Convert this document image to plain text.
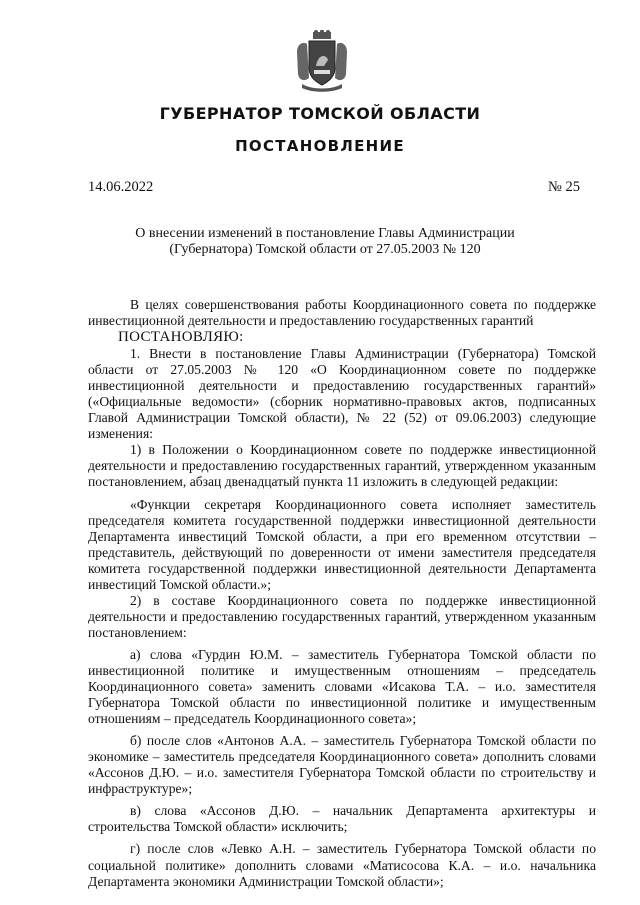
ГУБЕРНАТОР ТОМСКОЙ ОБЛАСТИ
ПОСТАНОВЛЕНИЕ
14.06.2022	№ 25
О внесении изменений в постановление Главы Администрации (Губернатора) Томской области от 27.05.2003 № 120

В целях совершенствования работы Координационного совета по поддержке инвестиционной деятельности и предоставлению государственных гарантий

ПОСТАНОВЛЯЮ:

1. Внести в постановление Главы Администрации (Губернатора) Томской области от 27.05.2003 № 120 «О Координационном совете по поддержке инвестиционной деятельности и предоставлению государственных гарантий» («Официальные ведомости» (сборник нормативно-правовых актов, подписанных Главой Администрации Томской области), № 22 (52) от 09.06.2003) следующие изменения:

1) в Положении о Координационном совете по поддержке инвестиционной деятельности и предоставлению государственных гарантий, утвержденном указанным постановлением, абзац двенадцатый пункта 11 изложить в следующей редакции:

«Функции секретаря Координационного совета исполняет заместитель председателя комитета государственной поддержки инвестиционной деятельности Департамента инвестиций Томской области, а при его временном отсутствии – представитель, действующий по доверенности от имени заместителя председателя комитета государственной поддержки инвестиционной деятельности Департамента инвестиций Томской области.»;

2) в составе Координационного совета по поддержке инвестиционной деятельности и предоставлению государственных гарантий, утвержденном указанным постановлением:

а) слова «Гурдин Ю.М. – заместитель Губернатора Томской области по инвестиционной политике и имущественным отношениям – председатель Координационного совета» заменить словами «Исакова Т.А. – и.о. заместителя Губернатора Томской области по инвестиционной политике и имущественным отношениям – председатель Координационного совета»;

б) после слов «Антонов А.А. – заместитель Губернатора Томской области по экономике – заместитель председателя Координационного совета» дополнить словами «Ассонов Д.Ю. – и.о. заместителя Губернатора Томской области по строительству и инфраструктуре»;

в) слова «Ассонов Д.Ю. – начальник Департамента архитектуры и строительства Томской области» исключить;

г) после слов «Левко А.Н. – заместитель Губернатора Томской области по социальной политике» дополнить словами «Матисосова К.А. – и.о. начальника Департамента экономики Администрации Томской области»;
